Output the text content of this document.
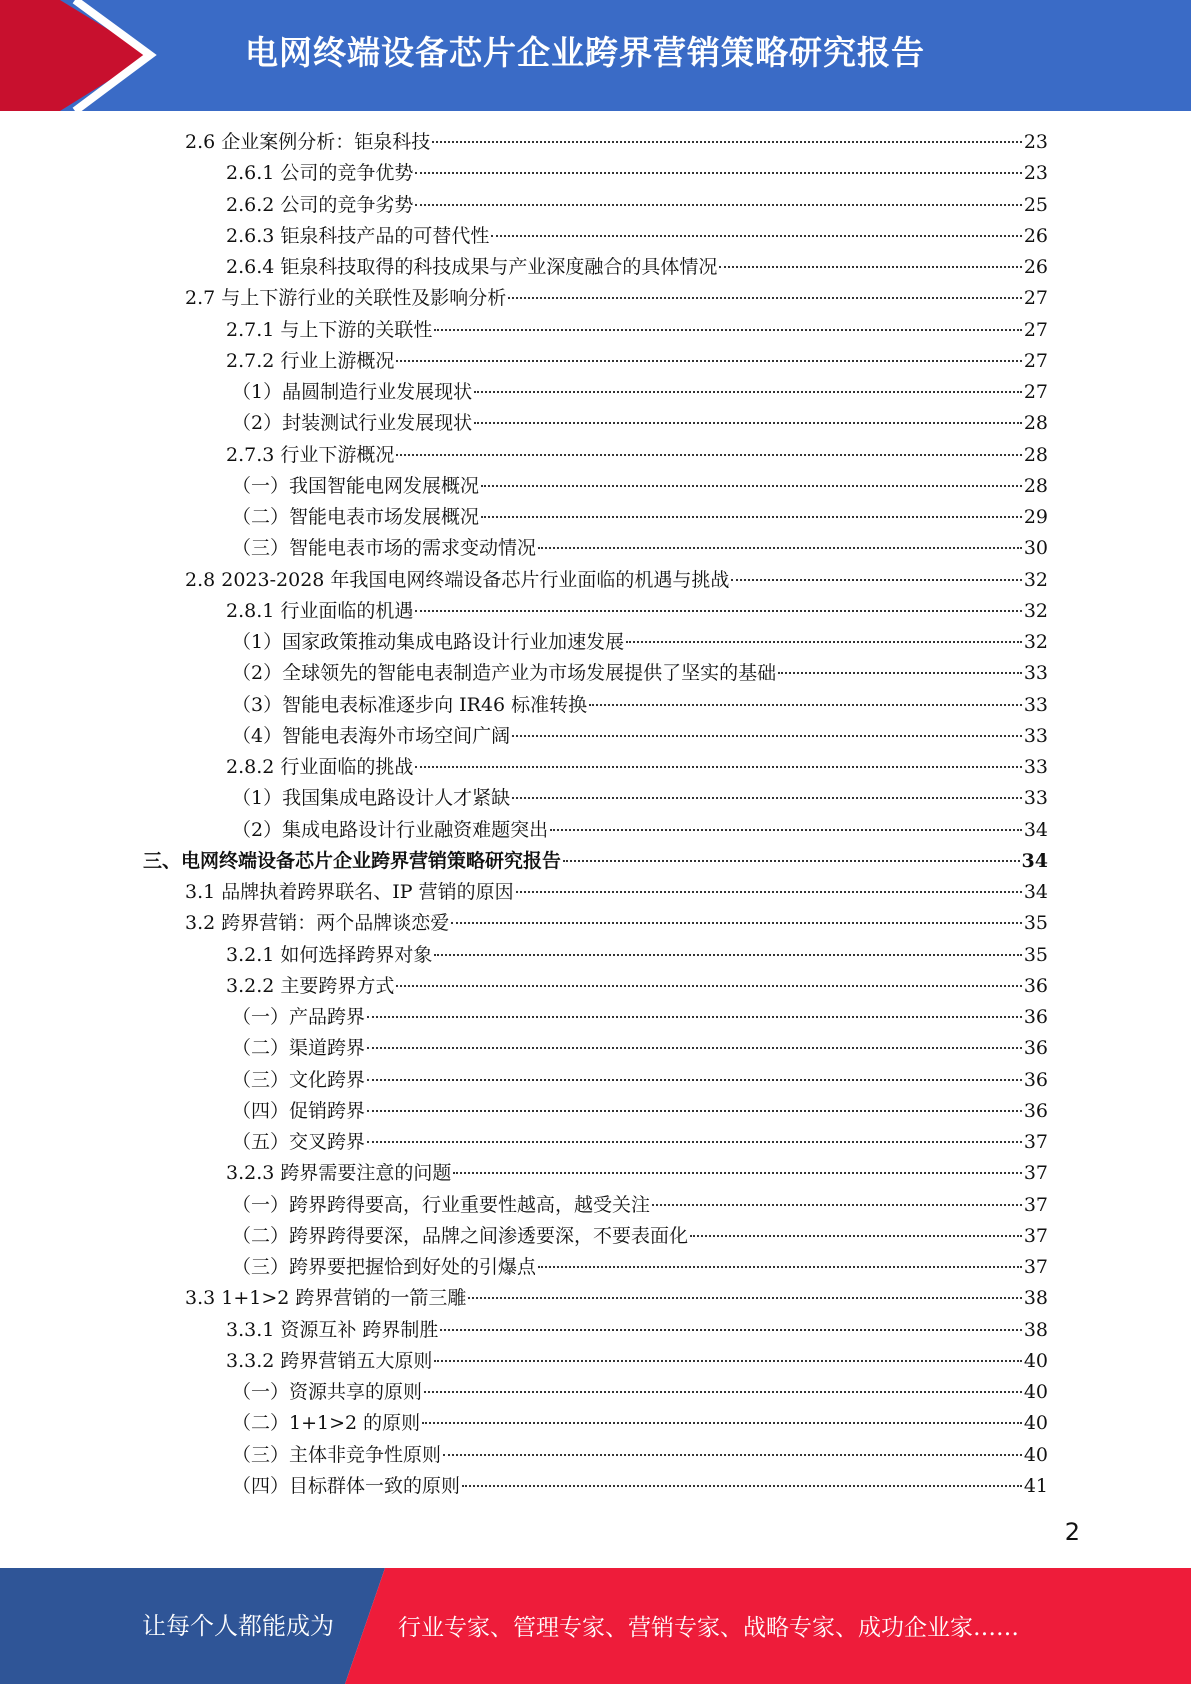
电网终端设备芯片企业跨界营销策略研究报告
2.6 企业案例分析：钜泉科技	23
2.6.1 公司的竞争优势	23
2.6.2 公司的竞争劣势	25
2.6.3 钜泉科技产品的可替代性	26
2.6.4 钜泉科技取得的科技成果与产业深度融合的具体情况	26
2.7 与上下游行业的关联性及影响分析	27
2.7.1 与上下游的关联性	27
2.7.2 行业上游概况	27
（1）晶圆制造行业发展现状	27
（2）封装测试行业发展现状	28
2.7.3 行业下游概况	28
（一）我国智能电网发展概况	28
（二）智能电表市场发展概况	29
（三）智能电表市场的需求变动情况	30
2.8 2023-2028 年我国电网终端设备芯片行业面临的机遇与挑战	32
2.8.1 行业面临的机遇	32
（1）国家政策推动集成电路设计行业加速发展	32
（2）全球领先的智能电表制造产业为市场发展提供了坚实的基础	33
（3）智能电表标准逐步向 IR46 标准转换	33
（4）智能电表海外市场空间广阔	33
2.8.2 行业面临的挑战	33
（1）我国集成电路设计人才紧缺	33
（2）集成电路设计行业融资难题突出	34
三、电网终端设备芯片企业跨界营销策略研究报告	34
3.1 品牌执着跨界联名、IP 营销的原因	34
3.2 跨界营销：两个品牌谈恋爱	35
3.2.1 如何选择跨界对象	35
3.2.2 主要跨界方式	36
（一）产品跨界	36
（二）渠道跨界	36
（三）文化跨界	36
（四）促销跨界	36
（五）交叉跨界	37
3.2.3 跨界需要注意的问题	37
（一）跨界跨得要高，行业重要性越高，越受关注	37
（二）跨界跨得要深，品牌之间渗透要深，不要表面化	37
（三）跨界要把握恰到好处的引爆点	37
3.3 1+1>2 跨界营销的一箭三雕	38
3.3.1 资源互补 跨界制胜	38
3.3.2 跨界营销五大原则	40
（一）资源共享的原则	40
（二）1+1>2 的原则	40
（三）主体非竞争性原则	40
（四）目标群体一致的原则	41
2
让每个人都能成为	行业专家、管理专家、营销专家、战略专家、成功企业家……
